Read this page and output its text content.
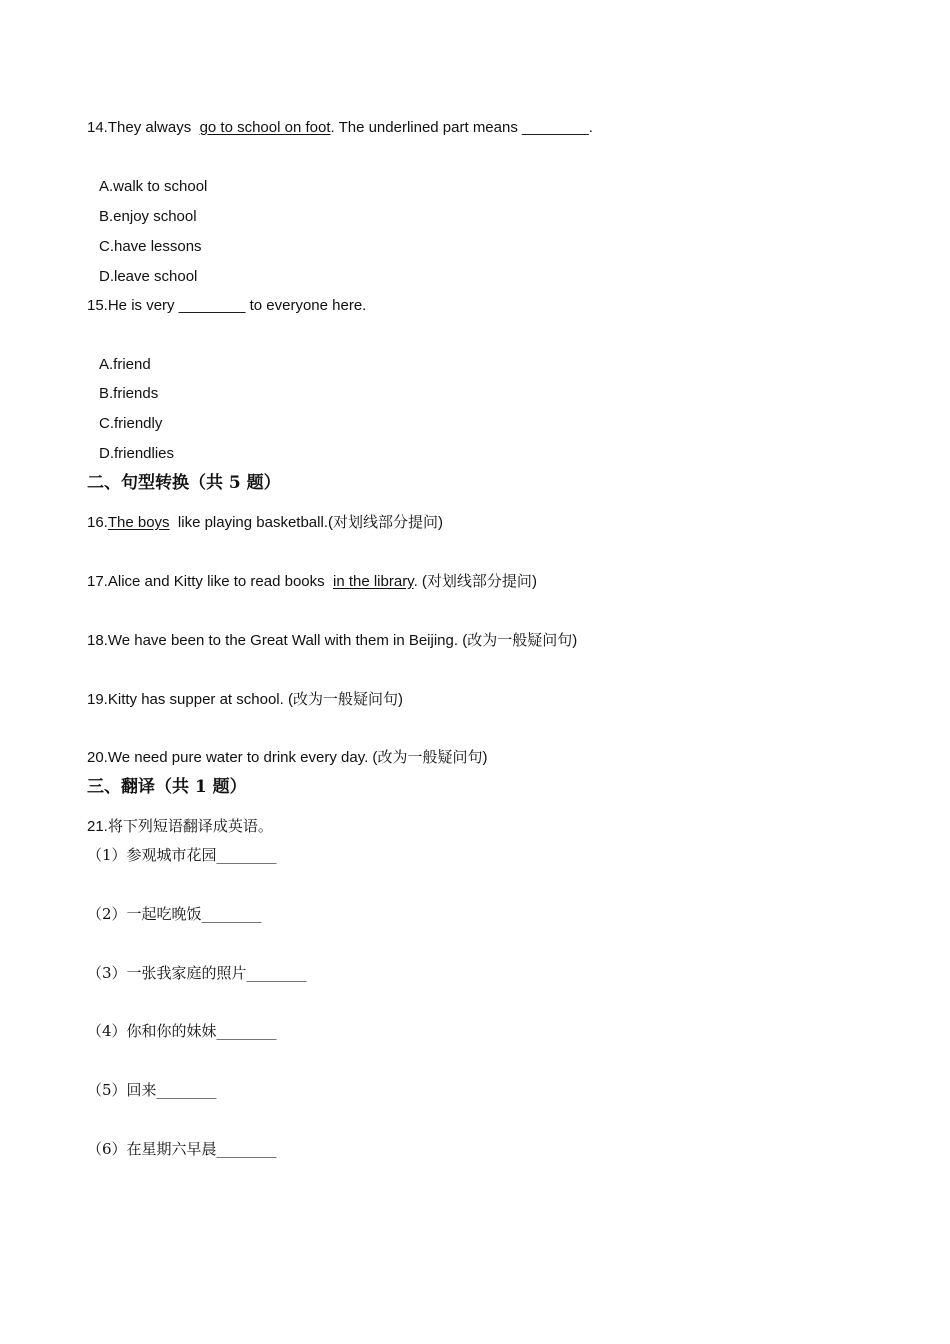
14.They always  go to school on foot. The underlined part means ________.
A.walk to school
B.enjoy school
C.have lessons
D.leave school
15.He is very ________ to everyone here.
A.friend
B.friends
C.friendly
D.friendlies
二、句型转换（共 5 题）
16.The boys  like playing basketball.(对划线部分提问)
17.Alice and Kitty like to read books  in the library. (对划线部分提问)
18.We have been to the Great Wall with them in Beijing. (改为一般疑问句)
19.Kitty has supper at school. (改为一般疑问句)
20.We need pure water to drink every day. (改为一般疑问句)
三、翻译（共 1 题）
21.将下列短语翻译成英语。
（1）参观城市花园________
（2）一起吃晚饭________
（3）一张我家庭的照片________
（4）你和你的妹妹________
（5）回来________
（6）在星期六早晨________
